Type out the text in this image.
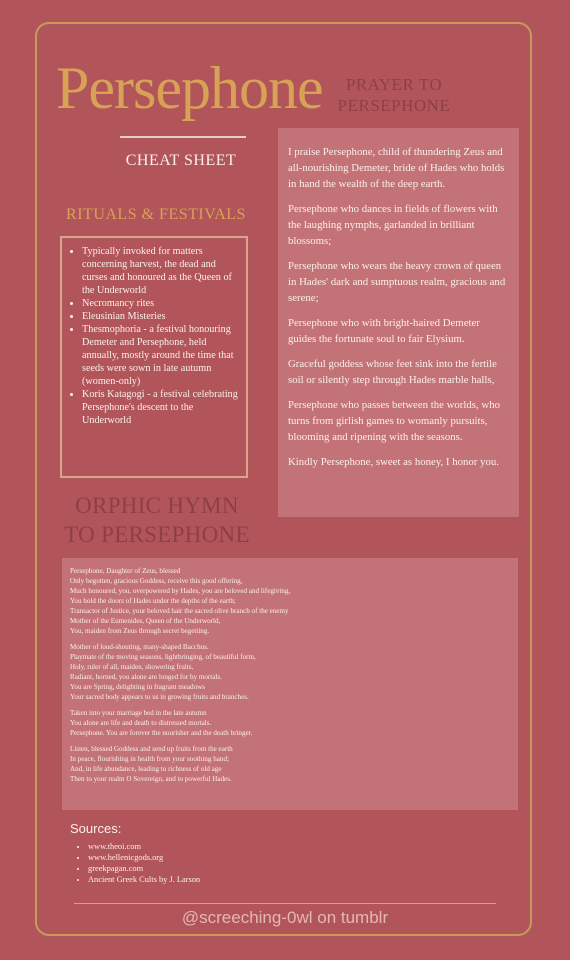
Persephone
CHEAT SHEET
RITUALS & FESTIVALS
• Typically invoked for matters concerning harvest, the dead and curses and honoured as the Queen of the Underworld
• Necromancy rites
• Eleusinian Misteries
• Thesmophoria - a festival honouring Demeter and Persephone, held annually, mostly around the time that seeds were sown in late autumn (women-only)
• Koris Katagogi - a festival celebrating Persephone's descent to the Underworld
PRAYER TO
PERSEPHONE

I praise Persephone, child of thundering Zeus and all-nourishing Demeter, bride of Hades who holds in hand the wealth of the deep earth.

Persephone who dances in fields of flowers with the laughing nymphs, garlanded in brilliant blossoms;

Persephone who wears the heavy crown of queen in Hades' dark and sumptuous realm, gracious and serene;

Persephone who with bright-haired Demeter guides the fortunate soul to fair Elysium.

Graceful goddess whose feet sink into the fertile soil or silently step through Hades marble halls,

Persephone who passes between the worlds, who turns from girlish games to womanly pursuits, blooming and ripening with the seasons.

Kindly Persephone, sweet as honey, I honor you.

ORPHIC HYMN
TO PERSEPHONE

Persephone, Daughter of Zeus, blessed
Only begotten, gracious Goddess, receive this good offering,
Much honoured, you, overpowered by Hades, you are beloved and lifegiving,
You hold the doors of Hades under the depths of the earth;
Transactor of Justice, your beloved hair the sacred olive branch of the enemy
Mother of the Eumenides, Queen of the Underworld,
You, maiden from Zeus through secret begetting.

Mother of loud-shouting, many-shaped Bacchus.
Playmate of the moving seasons, lightbringing, of beautiful form,
Holy, ruler of all, maiden, showering fruits,
Radiant, horned, you alone are longed for by mortals.
You are Spring, delighting in fragrant meadows
Your sacred body appears to us in growing fruits and branches.

Taken into your marriage bed in the late autumn
You alone are life and death to distressed mortals.
Persephone. You are forever the nourisher and the death bringer.

Listen, blessed Goddess and send up fruits from the earth
In peace, flourishing in health from your soothing hand;
And, in life abundance, leading to richness of old age
Then to your realm O Sovereign, and to powerful Hades.

Sources:
• www.theoi.com
• www.hellenicgods.org
• greekpagan.com
• Ancient Greek Cults by J. Larson
@screeching-0wl on tumblr
